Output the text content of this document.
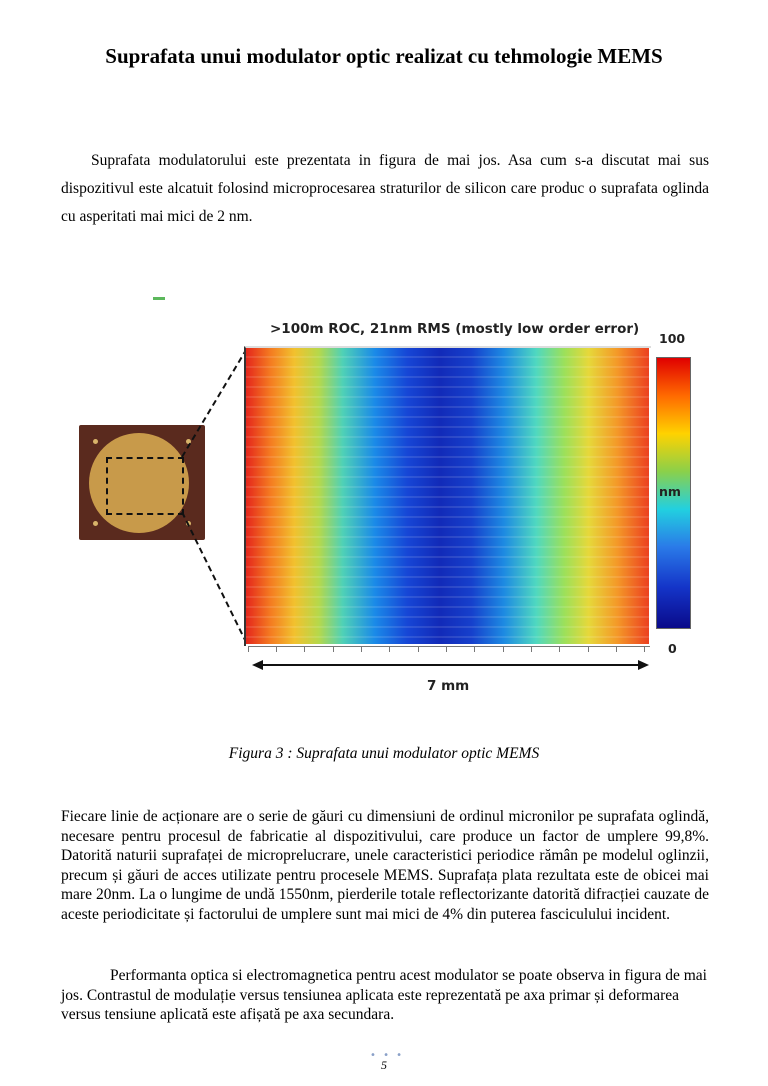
Suprafata unui modulator optic realizat cu tehmologie MEMS
Suprafata modulatorului este prezentata in figura de mai jos. Asa cum s-a discutat mai sus dispozitivul este alcatuit folosind microprocesarea straturilor de silicon care produc o suprafata oglinda cu asperitati mai mici de 2 nm.
>100m ROC, 21nm RMS (mostly low order error)
100
nm
0
7 mm
Figura 3 : Suprafata unui modulator optic MEMS
Fiecare linie de acționare are o serie de găuri cu dimensiuni de ordinul micronilor pe suprafata oglindă, necesare pentru procesul de fabricatie al dispozitivului, care produce un factor de umplere 99,8%. Datorită naturii suprafaței de microprelucrare, unele caracteristici periodice rămân pe modelul oglinzii, precum și găuri de acces utilizate pentru procesele MEMS. Suprafața plata rezultata este de obicei mai mare 20nm. La o lungime de undă 1550nm, pierderile totale reflectorizante datorită difracției cauzate de aceste periodicitate și factorului de umplere sunt mai mici de 4% din puterea fasciculului incident.
Performanta optica si electromagnetica pentru acest modulator se poate observa in figura de mai jos. Contrastul de modulație versus tensiunea aplicata este reprezentată pe axa primar și deformarea versus tensiune aplicată este afișată pe axa secundara.
• • •
5
